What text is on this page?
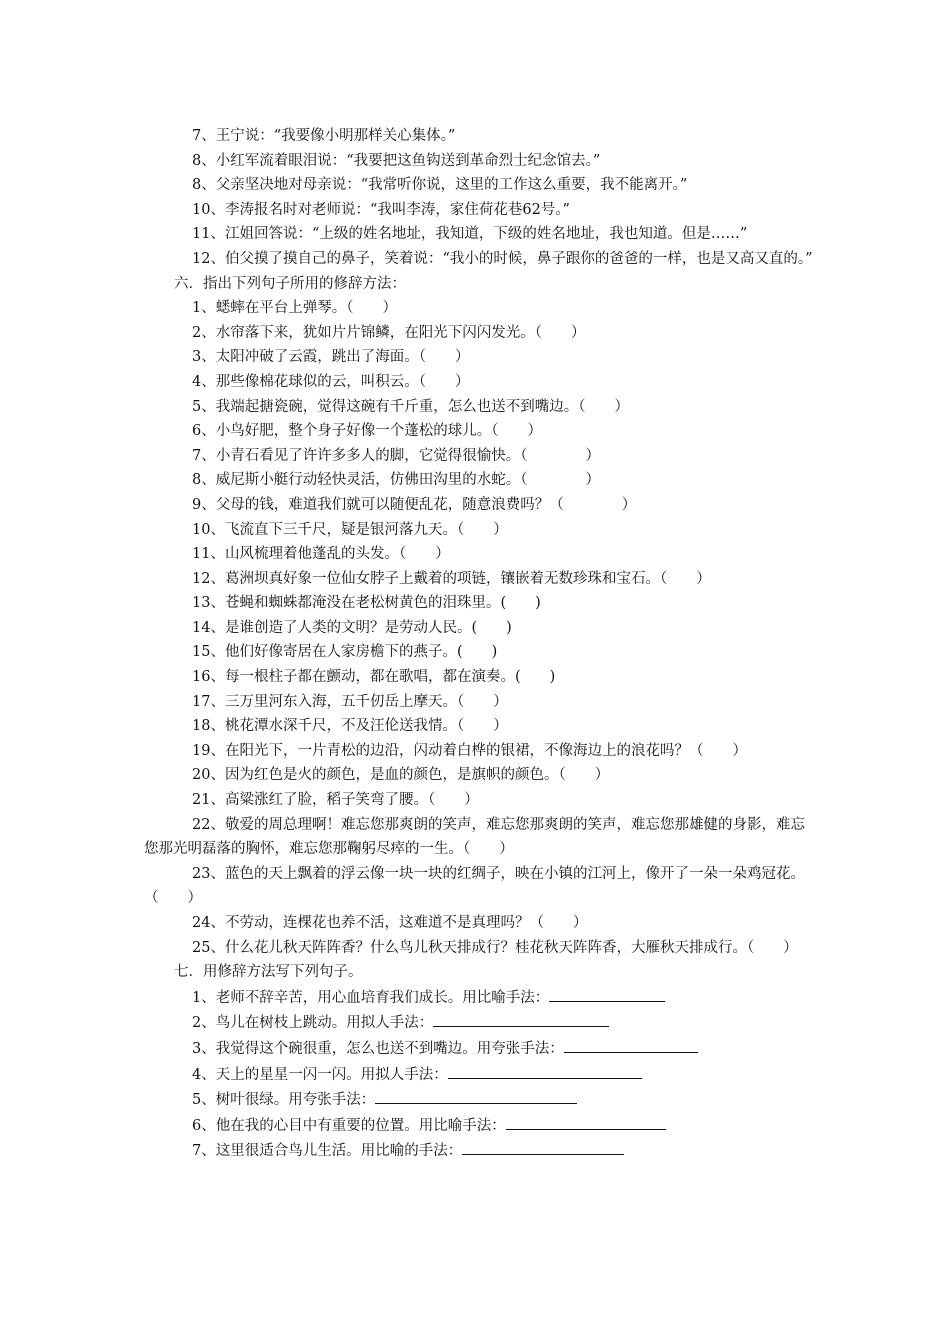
7、王宁说：“我要像小明那样关心集体。”
8、小红军流着眼泪说：“我要把这鱼钩送到革命烈士纪念馆去。”
8、父亲坚决地对母亲说：“我常听你说，这里的工作这么重要，我不能离开。”
10、李涛报名时对老师说：“我叫李涛，家住荷花巷62号。”
11、江姐回答说：“上级的姓名地址，我知道，下级的姓名地址，我也知道。但是……”
12、伯父摸了摸自己的鼻子，笑着说：“我小的时候，鼻子跟你的爸爸的一样，也是又高又直的。”
六．指出下列句子所用的修辞方法：
1、蟋蟀在平台上弹琴。（　　）
2、水帘落下来，犹如片片锦鳞，在阳光下闪闪发光。（　　）
3、太阳冲破了云霞，跳出了海面。（　　）
4、那些像棉花球似的云，叫积云。（　　）
5、我端起搪瓷碗，觉得这碗有千斤重，怎么也送不到嘴边。（　　）
6、小鸟好肥，整个身子好像一个蓬松的球儿。（　　）
7、小青石看见了许许多多人的脚，它觉得很愉快。（　　　　）
8、威尼斯小艇行动轻快灵活，仿佛田沟里的水蛇。（　　　　）
9、父母的钱，难道我们就可以随便乱花，随意浪费吗？（　　　　）
10、飞流直下三千尺，疑是银河落九天。（　　）
11、山风梳理着他蓬乱的头发。（　　）
12、葛洲坝真好象一位仙女脖子上戴着的项链，镶嵌着无数珍珠和宝石。（　　）
13、苍蝇和蜘蛛都淹没在老松树黄色的泪珠里。(　　)
14、是谁创造了人类的文明？是劳动人民。(　　)
15、他们好像寄居在人家房檐下的燕子。(　　)
16、每一根柱子都在颤动，都在歌唱，都在演奏。(　　)
17、三万里河东入海，五千仞岳上摩天。（　　）
18、桃花潭水深千尺，不及汪伦送我情。（　　）
19、在阳光下，一片青松的边沿，闪动着白桦的银裙，不像海边上的浪花吗？（　　）
20、因为红色是火的颜色，是血的颜色，是旗帜的颜色。（　　）
21、高粱涨红了脸，稻子笑弯了腰。（　　）
22、敬爱的周总理啊！难忘您那爽朗的笑声，难忘您那爽朗的笑声，难忘您那雄健的身影，难忘您那光明磊落的胸怀，难忘您那鞠躬尽瘁的一生。（　　）
23、蓝色的天上飘着的浮云像一块一块的红绸子，映在小镇的江河上，像开了一朵一朵鸡冠花。（　　）
24、不劳动，连棵花也养不活，这难道不是真理吗？（　　）
25、什么花儿秋天阵阵香？什么鸟儿秋天排成行？桂花秋天阵阵香，大雁秋天排成行。（　　）
七．用修辞方法写下列句子。
1、老师不辞辛苦，用心血培育我们成长。用比喻手法：
2、鸟儿在树枝上跳动。用拟人手法：
3、我觉得这个碗很重，怎么也送不到嘴边。用夸张手法：
4、天上的星星一闪一闪。用拟人手法：
5、树叶很绿。用夸张手法：
6、他在我的心目中有重要的位置。用比喻手法：
7、这里很适合鸟儿生活。用比喻的手法：
